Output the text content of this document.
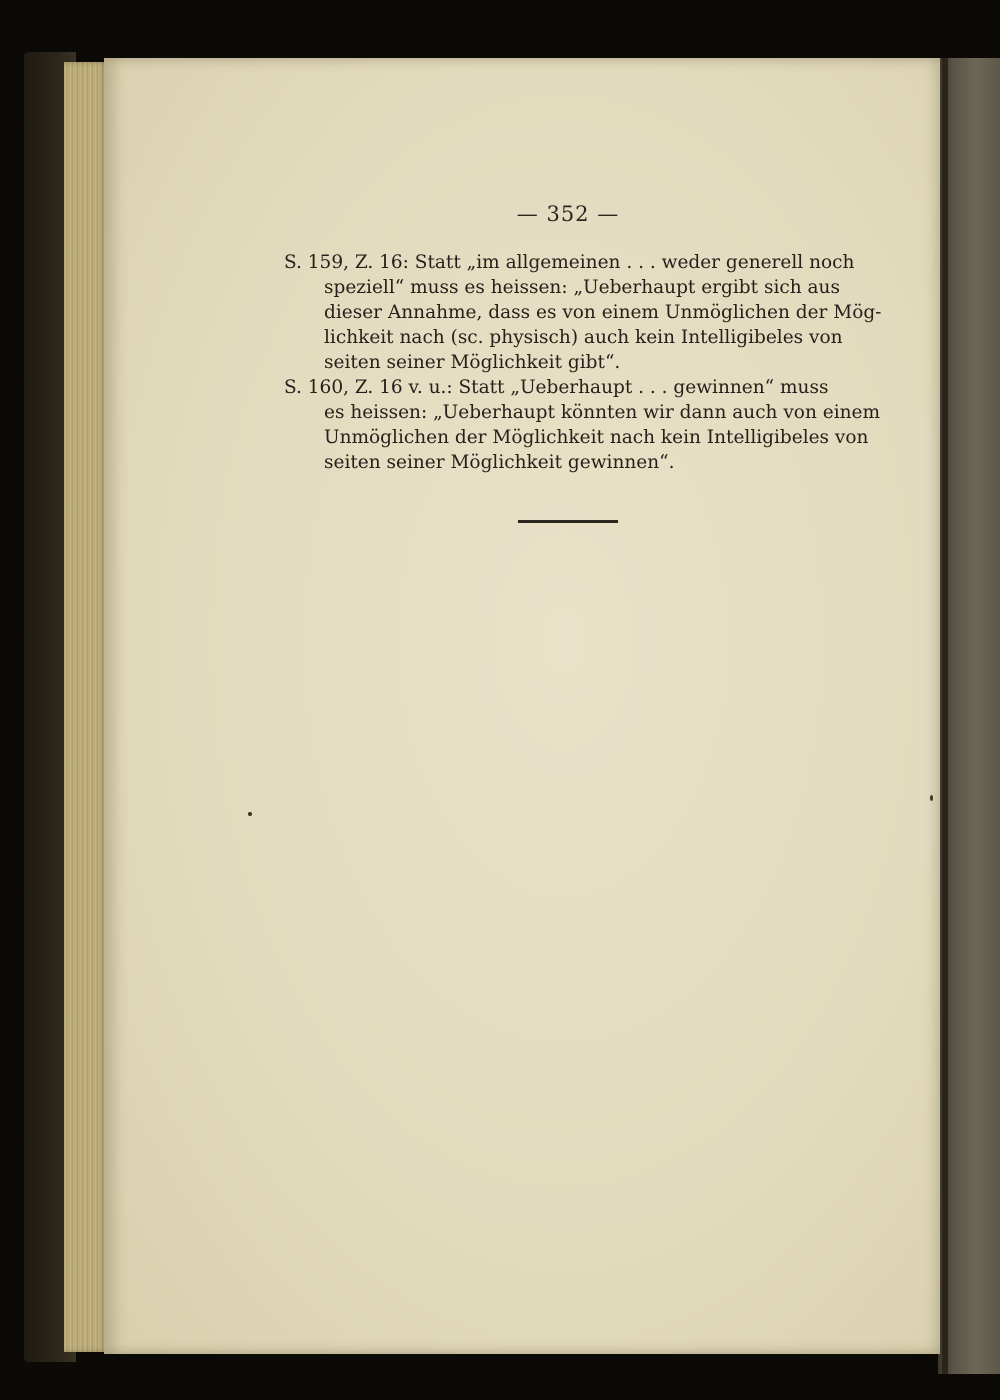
— 352 —
S. 159, Z. 16: Statt „im allgemeinen . . . weder generell noch
speziell“ muss es heissen: „Ueberhaupt ergibt sich aus
dieser Annahme, dass es von einem Unmöglichen der Mög-
lichkeit nach (sc. physisch) auch kein Intelligibeles von
seiten seiner Möglichkeit gibt“.
S. 160, Z. 16 v. u.: Statt „Ueberhaupt . . . gewinnen“ muss
es heissen: „Ueberhaupt könnten wir dann auch von einem
Unmöglichen der Möglichkeit nach kein Intelligibeles von
seiten seiner Möglichkeit gewinnen“.
